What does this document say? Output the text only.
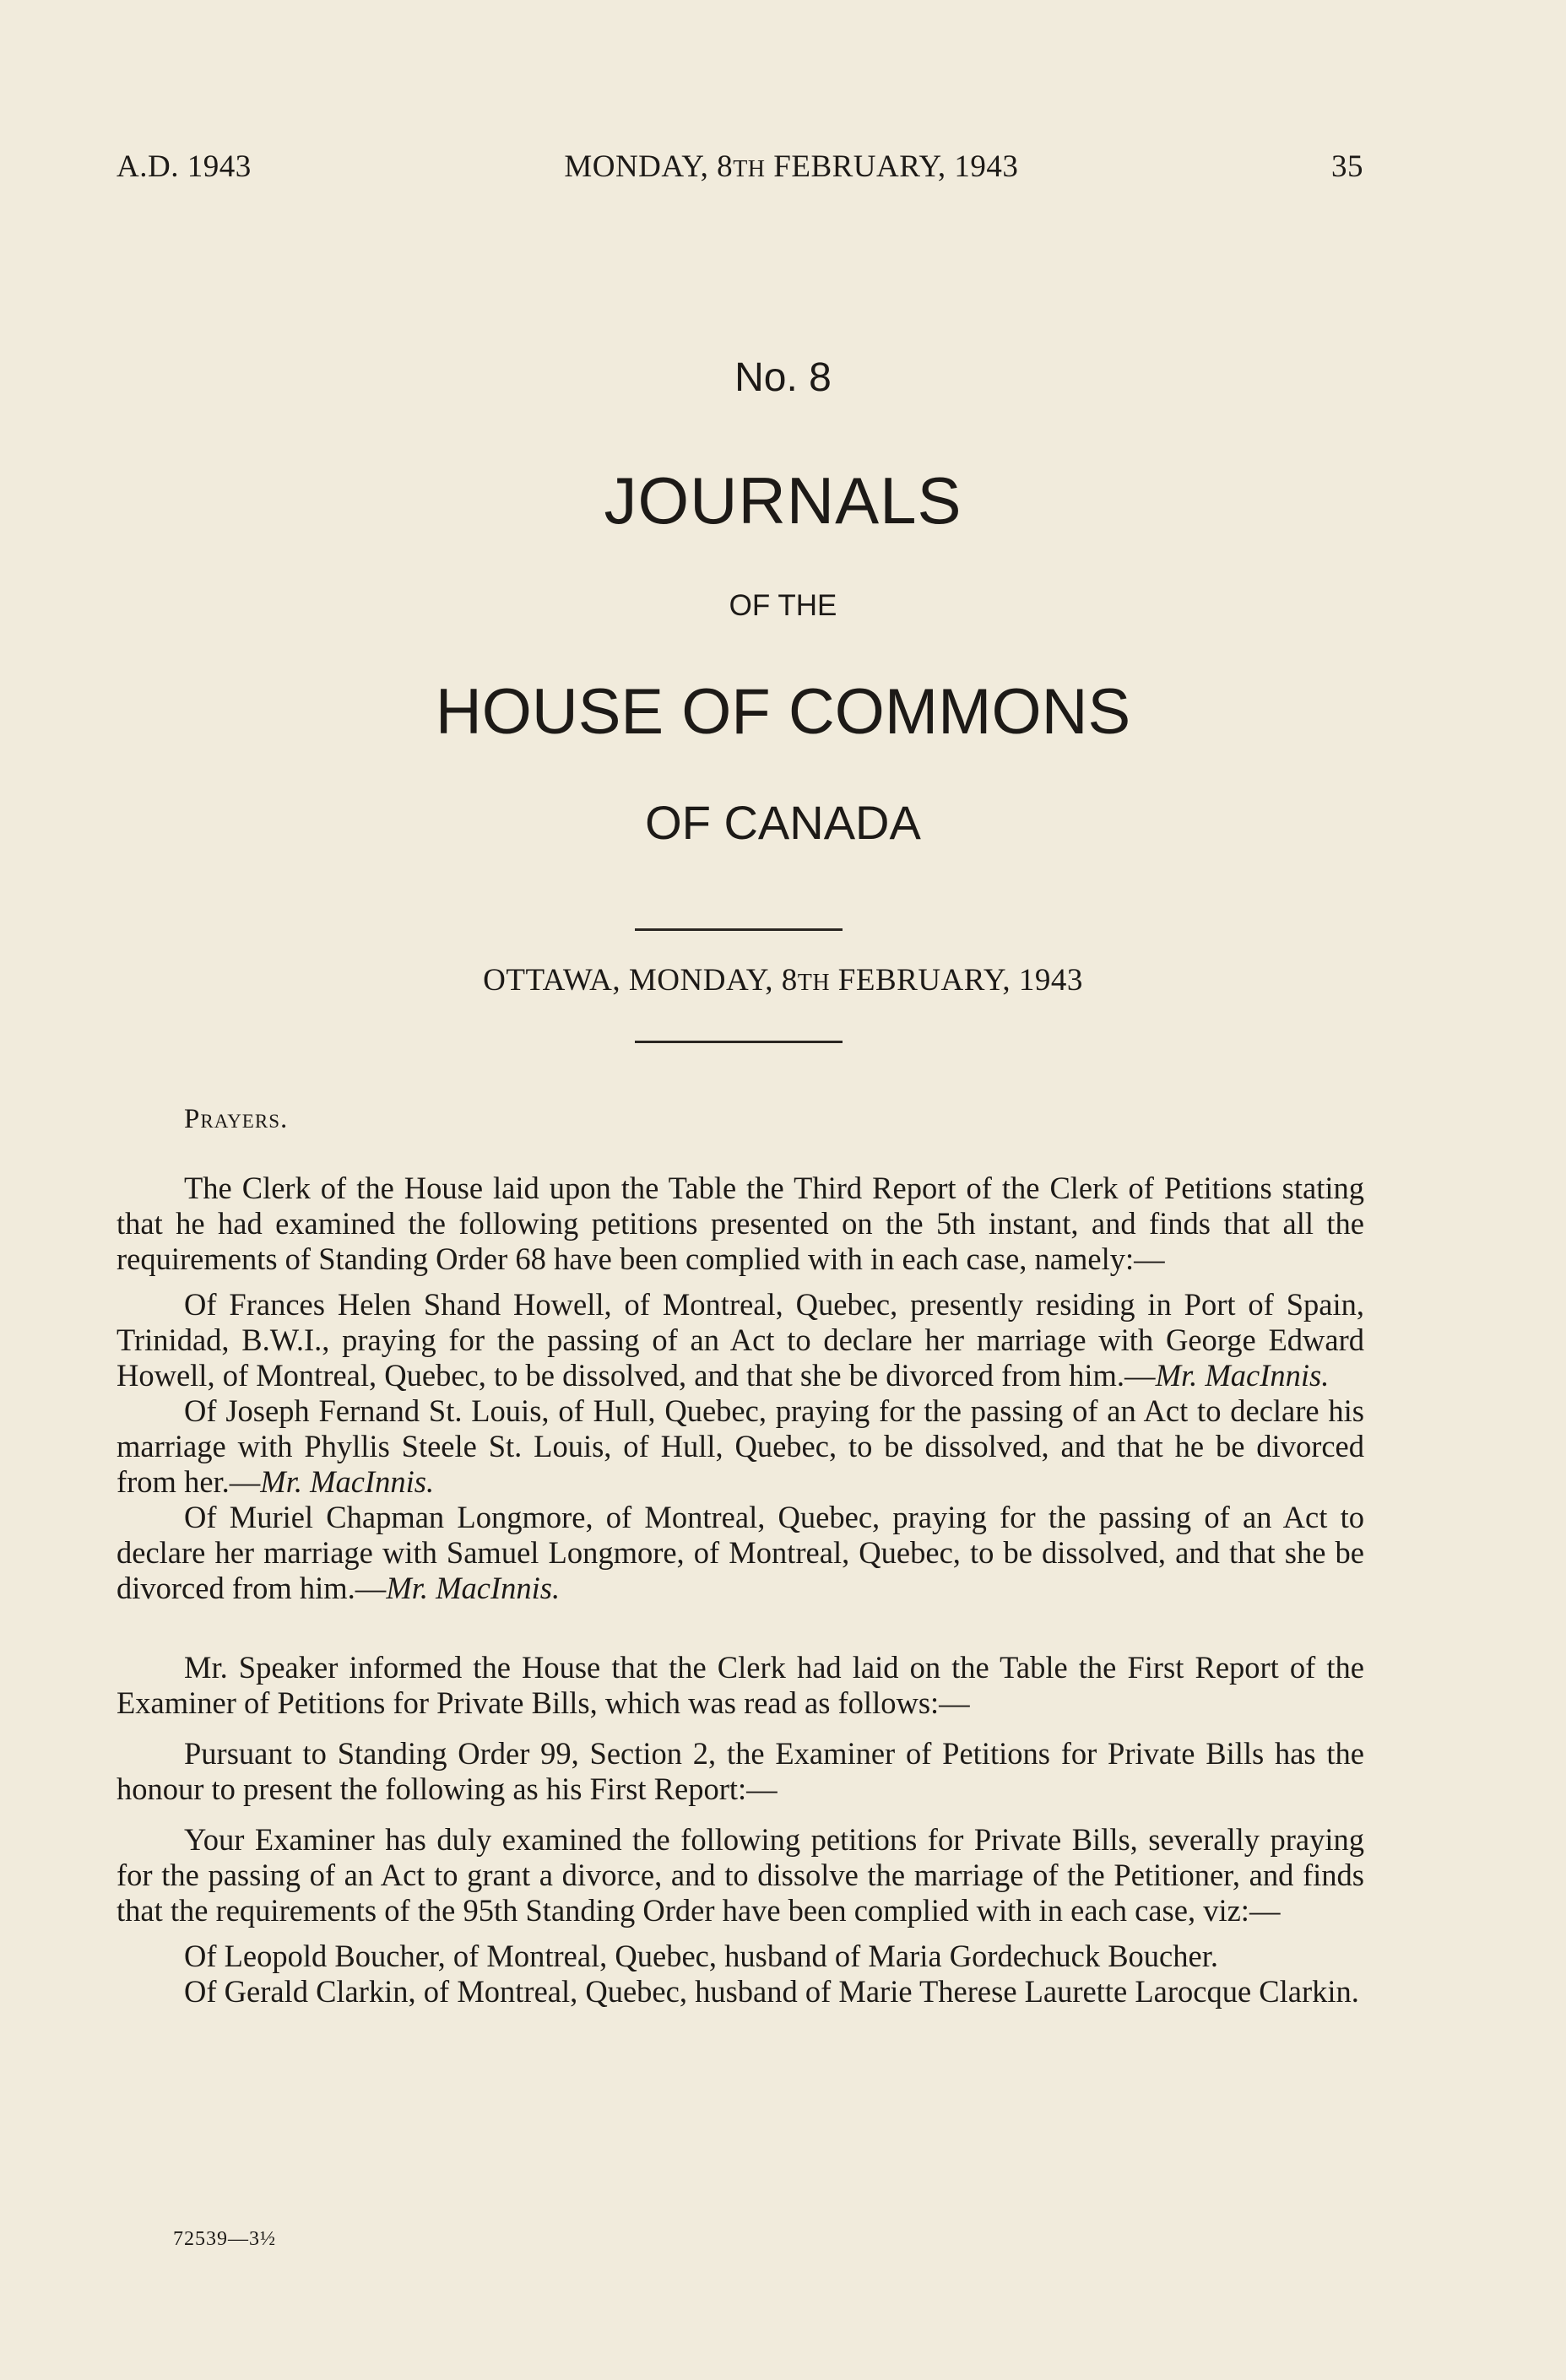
A.D. 1943	MONDAY, 8TH FEBRUARY, 1943	35
No. 8
JOURNALS
OF THE
HOUSE OF COMMONS
OF CANADA
OTTAWA, MONDAY, 8TH FEBRUARY, 1943
Prayers.

The Clerk of the House laid upon the Table the Third Report of the Clerk of Petitions stating that he had examined the following petitions presented on the 5th instant, and finds that all the requirements of Standing Order 68 have been complied with in each case, namely:—

Of Frances Helen Shand Howell, of Montreal, Quebec, presently residing in Port of Spain, Trinidad, B.W.I., praying for the passing of an Act to declare her marriage with George Edward Howell, of Montreal, Quebec, to be dissolved, and that she be divorced from him.—Mr. MacInnis.

Of Joseph Fernand St. Louis, of Hull, Quebec, praying for the passing of an Act to declare his marriage with Phyllis Steele St. Louis, of Hull, Quebec, to be dissolved, and that he be divorced from her.—Mr. MacInnis.

Of Muriel Chapman Longmore, of Montreal, Quebec, praying for the passing of an Act to declare her marriage with Samuel Longmore, of Montreal, Quebec, to be dissolved, and that she be divorced from him.—Mr. MacInnis.

Mr. Speaker informed the House that the Clerk had laid on the Table the First Report of the Examiner of Petitions for Private Bills, which was read as follows:—

Pursuant to Standing Order 99, Section 2, the Examiner of Petitions for Private Bills has the honour to present the following as his First Report:—

Your Examiner has duly examined the following petitions for Private Bills, severally praying for the passing of an Act to grant a divorce, and to dissolve the marriage of the Petitioner, and finds that the requirements of the 95th Standing Order have been complied with in each case, viz:—

Of Leopold Boucher, of Montreal, Quebec, husband of Maria Gordechuck Boucher.

Of Gerald Clarkin, of Montreal, Quebec, husband of Marie Therese Laurette Larocque Clarkin.

72539—3½
